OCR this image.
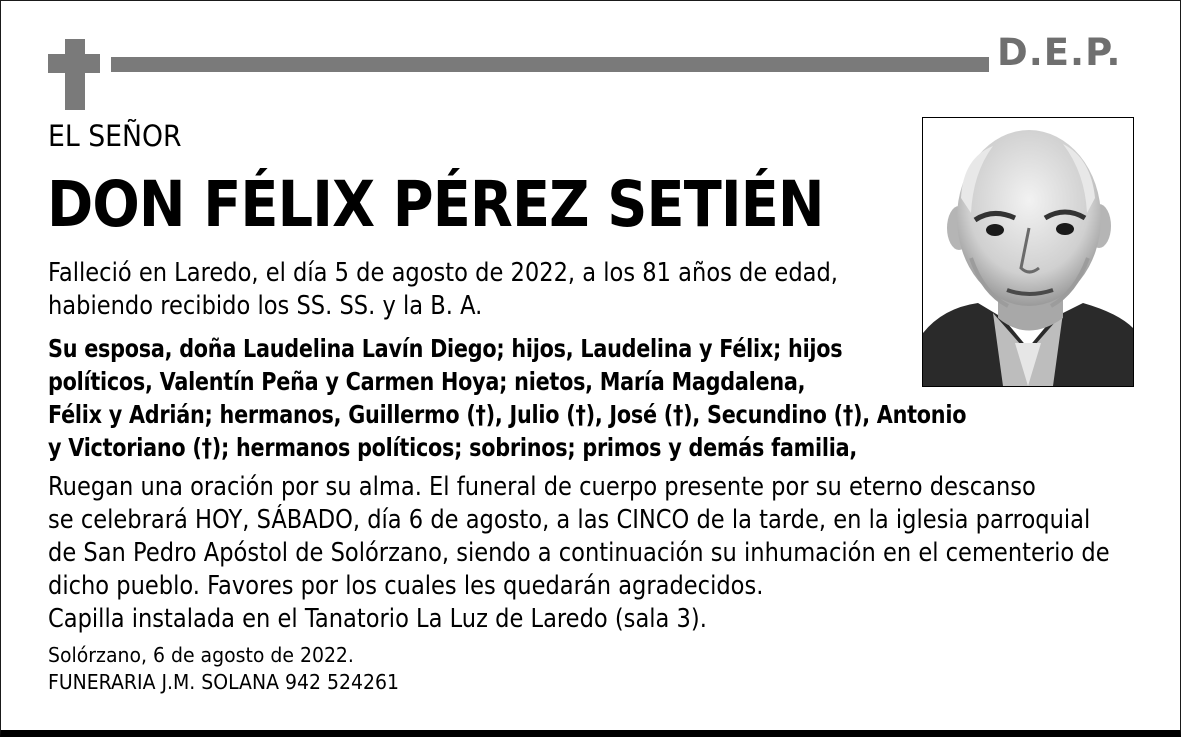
D.E.P.
EL SEÑOR
DON FÉLIX PÉREZ SETIÉN
Falleció en Laredo, el día 5 de agosto de 2022, a los 81 años de edad,
habiendo recibido los SS. SS. y la B. A.
Su esposa, doña Laudelina Lavín Diego; hijos, Laudelina y Félix; hijos
políticos, Valentín Peña y Carmen Hoya; nietos, María Magdalena,
Félix y Adrián; hermanos, Guillermo (†), Julio (†), José (†), Secundino (†), Antonio
y Victoriano (†); hermanos políticos; sobrinos; primos y demás familia,
Ruegan una oración por su alma. El funeral de cuerpo presente por su eterno descanso
se celebrará HOY, SÁBADO, día 6 de agosto, a las CINCO de la tarde, en la iglesia parroquial
de San Pedro Apóstol de Solórzano, siendo a continuación su inhumación en el cementerio de
dicho pueblo. Favores por los cuales les quedarán agradecidos.
Capilla instalada en el Tanatorio La Luz de Laredo (sala 3).
Solórzano, 6 de agosto de 2022.
FUNERARIA J.M. SOLANA 942 524261
